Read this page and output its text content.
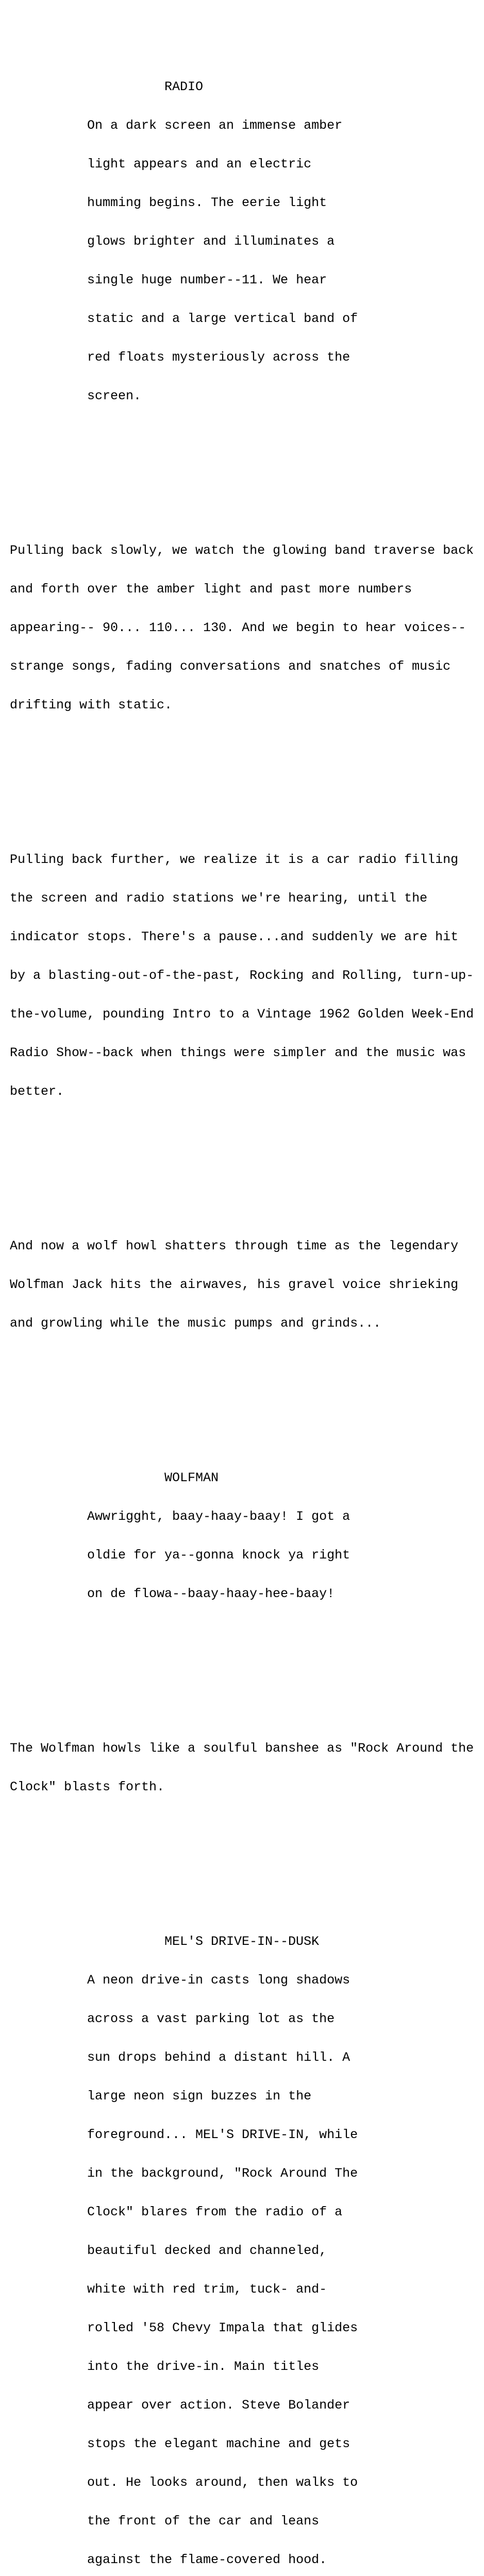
RADIO

On a dark screen an immense amber

light appears and an electric

humming begins. The eerie light

glows brighter and illuminates a

single huge number--11. We hear

static and a large vertical band of

red floats mysteriously across the

screen.

Pulling back slowly, we watch the glowing band traverse back

and forth over the amber light and past more numbers

appearing-- 90... 110... 130. And we begin to hear voices--

strange songs, fading conversations and snatches of music

drifting with static.

Pulling back further, we realize it is a car radio filling

the screen and radio stations we're hearing, until the

indicator stops. There's a pause...and suddenly we are hit

by a blasting-out-of-the-past, Rocking and Rolling, turn-up-

the-volume, pounding Intro to a Vintage 1962 Golden Week-End

Radio Show--back when things were simpler and the music was

better.

And now a wolf howl shatters through time as the legendary

Wolfman Jack hits the airwaves, his gravel voice shrieking

and growling while the music pumps and grinds...

WOLFMAN

Awwrigght, baay-haay-baay! I got a

oldie for ya--gonna knock ya right

on de flowa--baay-haay-hee-baay!

The Wolfman howls like a soulful banshee as "Rock Around the

Clock" blasts forth.

MEL'S DRIVE-IN--DUSK

A neon drive-in casts long shadows

across a vast parking lot as the

sun drops behind a distant hill. A

large neon sign buzzes in the

foreground... MEL'S DRIVE-IN, while

in the background, "Rock Around The

Clock" blares from the radio of a

beautiful decked and channeled,

white with red trim, tuck- and-

rolled '58 Chevy Impala that glides

into the drive-in. Main titles

appear over action. Steve Bolander

stops the elegant machine and gets

out. He looks around, then walks to

the front of the car and leans

against the flame-covered hood.
